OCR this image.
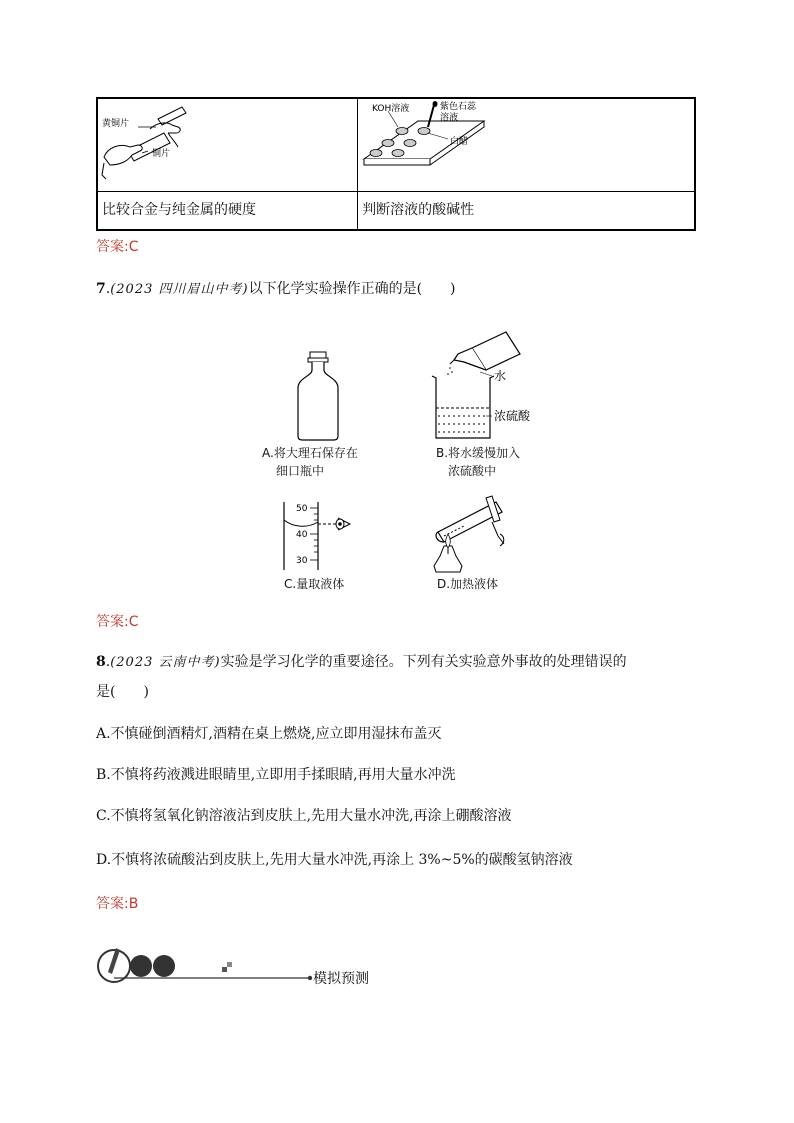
黄铜片
铜片	KOH溶液 紫色石蕊
溶液
白醋

比较合金与纯金属的硬度	判断溶液的酸碱性
答案:C
7.(2023 四川眉山中考)以下化学实验操作正确的是(　　)
A.将大理石保存在
细口瓶中
水
浓硫酸
B.将水缓慢加入
浓硫酸中
50
40
30
C.量取液体	D.加热液体
答案:C
8.(2023 云南中考)实验是学习化学的重要途径。下列有关实验意外事故的处理错误的
是(　　)
A.不慎碰倒酒精灯,酒精在桌上燃烧,应立即用湿抹布盖灭
B.不慎将药液溅进眼睛里,立即用手揉眼睛,再用大量水冲洗
C.不慎将氢氧化钠溶液沾到皮肤上,先用大量水冲洗,再涂上硼酸溶液
D.不慎将浓硫酸沾到皮肤上,先用大量水冲洗,再涂上 3%~5%的碳酸氢钠溶液
答案:B
模拟预测
